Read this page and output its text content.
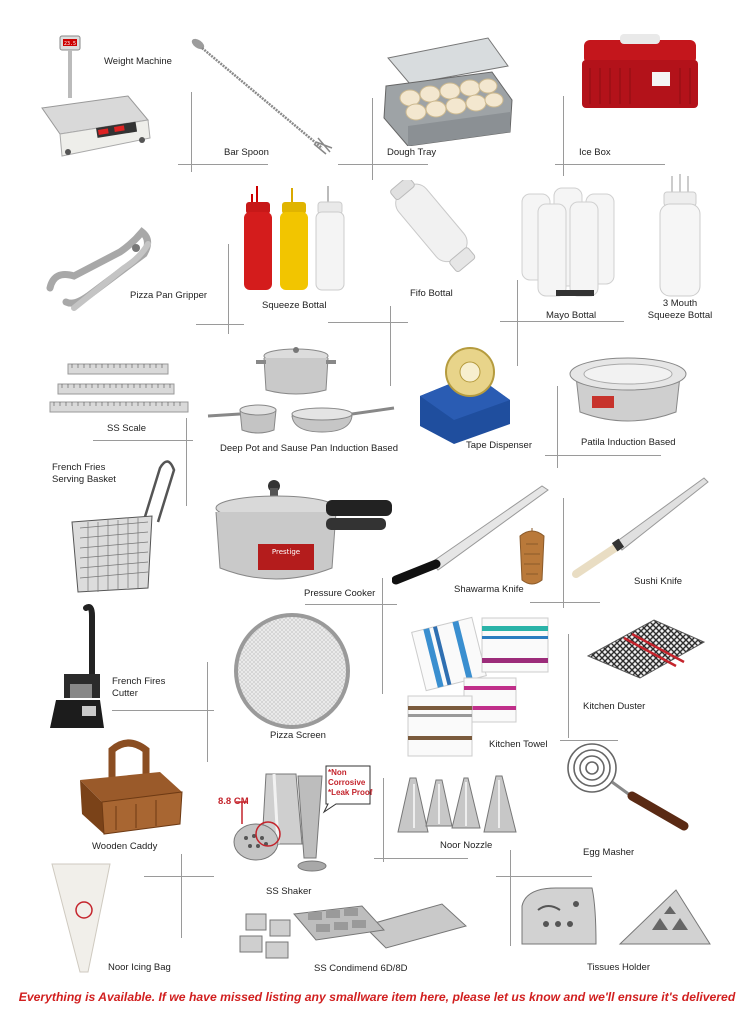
23.5
Weight Machine
Bar Spoon	Dough Tray	Ice Box
Pizza Pan Gripper
Squeeze Bottal
Fifo Bottal
Mayo Bottal
3 Mouth
Squeeze Bottal
SS Scale
Deep Pot and Sause Pan Induction Based	Tape Dispenser	Patila Induction Based
French Fries
Serving Basket
Prestige
Pressure Cooker	Shawarma Knife
Sushi Knife
French Fires
Cutter
Pizza Screen
Kitchen Towel
Kitchen Duster
Wooden Caddy
8.8 CM
*Non
Corrosive
*Leak Proof
SS Shaker
Noor Nozzle
Egg Masher
Noor Icing Bag	SS Condimend 6D/8D	Tissues Holder
Everything is Available. If we have missed listing any smallware item here, please let us know and we'll ensure it's delivered
